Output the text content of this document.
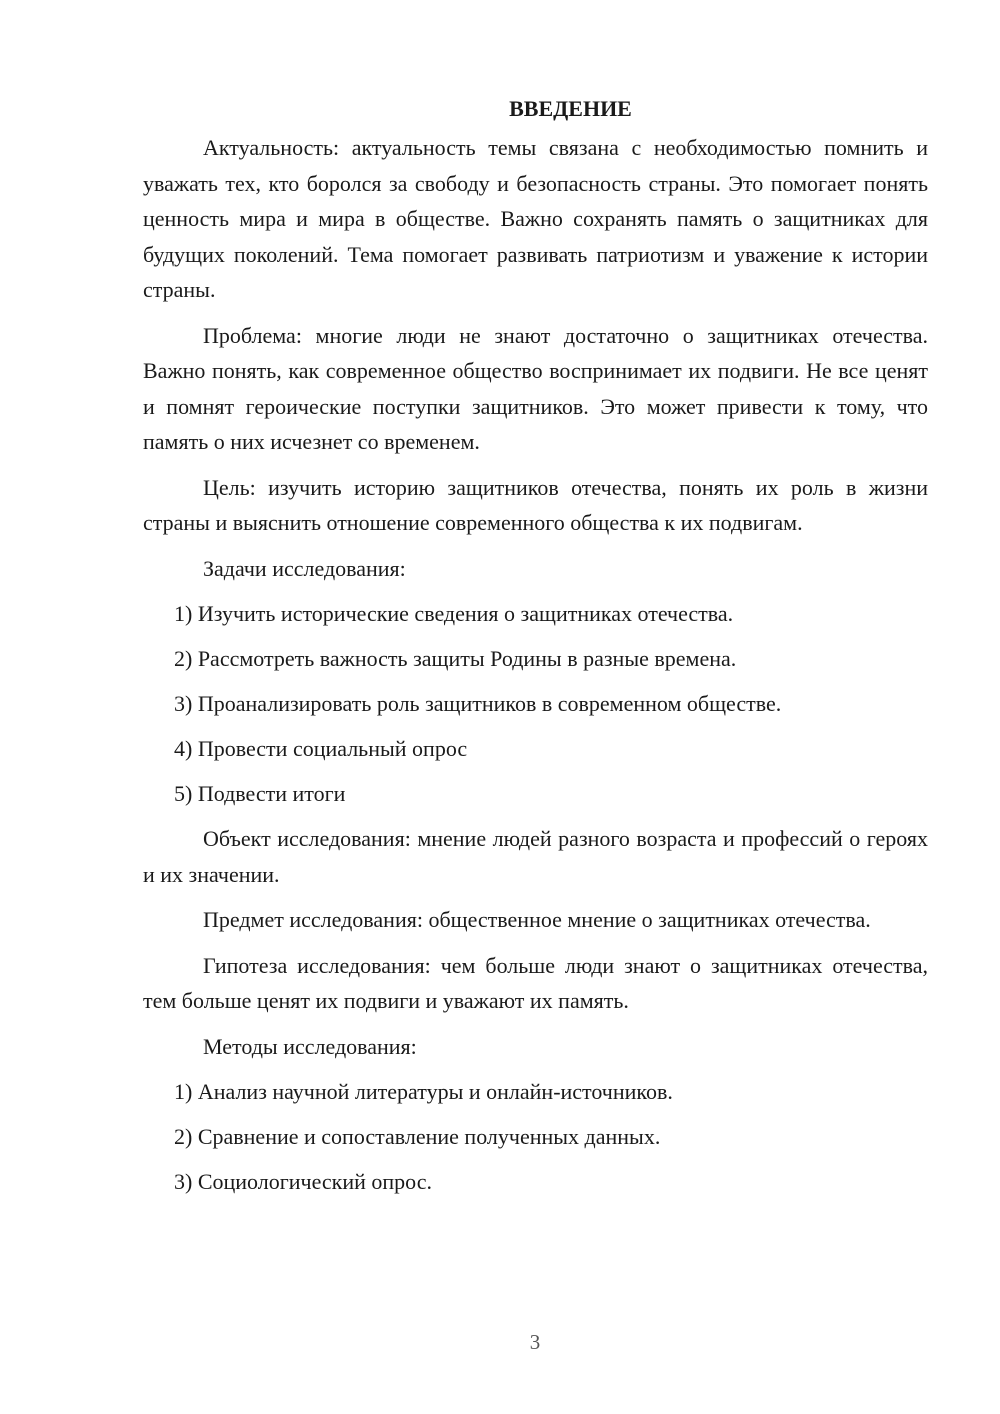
ВВЕДЕНИЕ

Актуальность: актуальность темы связана с необходимостью помнить и уважать тех, кто боролся за свободу и безопасность страны. Это помогает понять ценность мира и мира в обществе. Важно сохранять память о защитниках для будущих поколений. Тема помогает развивать патриотизм и уважение к истории страны.

Проблема: многие люди не знают достаточно о защитниках отечества. Важно понять, как современное общество воспринимает их подвиги. Не все ценят и помнят героические поступки защитников. Это может привести к тому, что память о них исчезнет со временем.

Цель: изучить историю защитников отечества, понять их роль в жизни страны и выяснить отношение современного общества к их подвигам.

Задачи исследования:

1) Изучить исторические сведения о защитниках отечества.
2) Рассмотреть важность защиты Родины в разные времена.
3) Проанализировать роль защитников в современном обществе.
4) Провести социальный опрос
5) Подвести итоги

Объект исследования: мнение людей разного возраста и профессий о героях и их значении.

Предмет исследования: общественное мнение о защитниках отечества.

Гипотеза исследования: чем больше люди знают о защитниках отечества, тем больше ценят их подвиги и уважают их память.

Методы исследования:

1) Анализ научной литературы и онлайн-источников.
2) Сравнение и сопоставление полученных данных.
3) Социологический опрос.
3
